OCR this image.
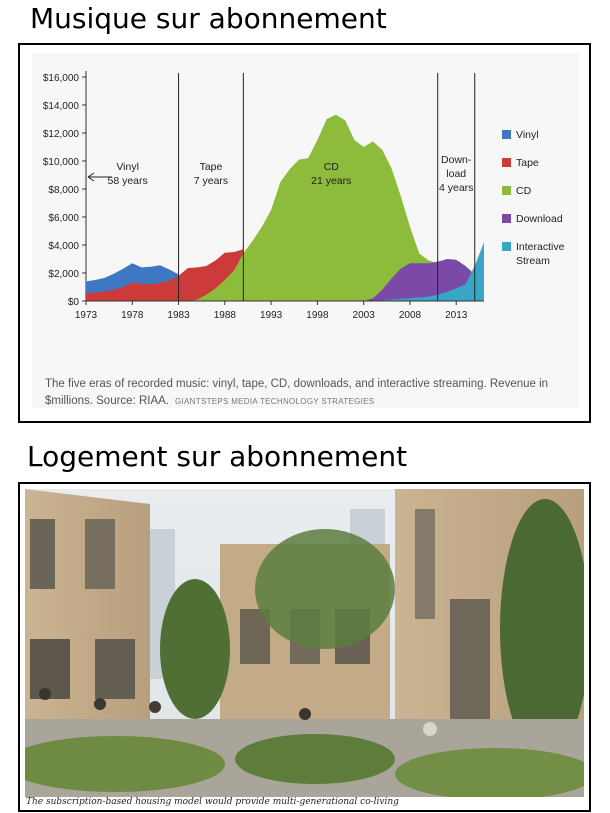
Musique sur abonnement
$0
$2,000
$4,000
$6,000
$8,000
$10,000
$12,000
$14,000
$16,000
1973 1978 1983 1988 1993 1998 2003 2008 2013
Vinyl
58 years
Tape
7 years
CD
21 years
Down-
load
4 years
Vinyl
Tape
CD
Download
Interactive
Stream
The five eras of recorded music: vinyl, tape, CD, downloads, and interactive streaming. Revenue in $millions. Source: RIAA. GIANTSTEPS MEDIA TECHNOLOGY STRATEGIES
Logement sur abonnement
The subscription-based housing model would provide multi-generational co-living
